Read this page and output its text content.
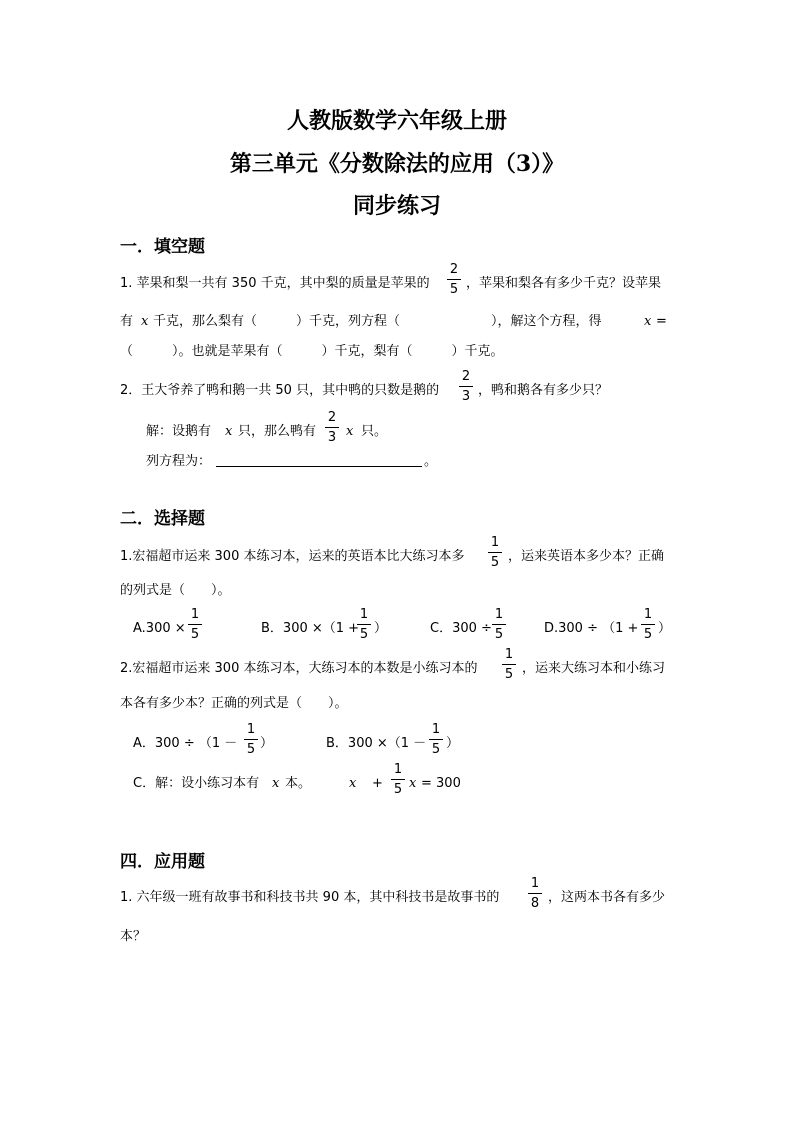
人教版数学六年级上册
第三单元《分数除法的应用（3）》
同步练习
一．填空题
1. 苹果和梨一共有 350 千克，其中梨的质量是苹果的
2
5 ，苹果和梨各有多少千克？设苹果
有 x 千克，那么梨有（　　　）千克，列方程（　　　　　　　），解这个方程，得	x =
（　　　）。也就是苹果有（　　　）千克，梨有（　　　）千克。
2．王大爷养了鸭和鹅一共 50 只，其中鸭的只数是鹅的
2
3 ，鸭和鹅各有多少只？
解：设鹅有 x 只，那么鸭有
2
3 x 只。
列方程为：	。
二．选择题
1.宏福超市运来 300 本练习本，运来的英语本比大练习本多
1
5 ，运来英语本多少本？正确
的列式是（　　）。
A.300 ×
1
5	B．300 ×（1 +
1
5 ）	C．300 ÷
1
5	D.300 ÷ （1 +
1
5 ）
2.宏福超市运来 300 本练习本，大练习本的本数是小练习本的
1
5 ，运来大练习本和小练习
本各有多少本？正确的列式是（　　）。
A．300 ÷ （1 －
1
5 ）	B．300 ×（1 －
1
5 ）
C．解：设小练习本有 x 本。	x +
1
5 x = 300
四．应用题
1. 六年级一班有故事书和科技书共 90 本，其中科技书是故事书的
1
8 ，这两本书各有多少
本？
